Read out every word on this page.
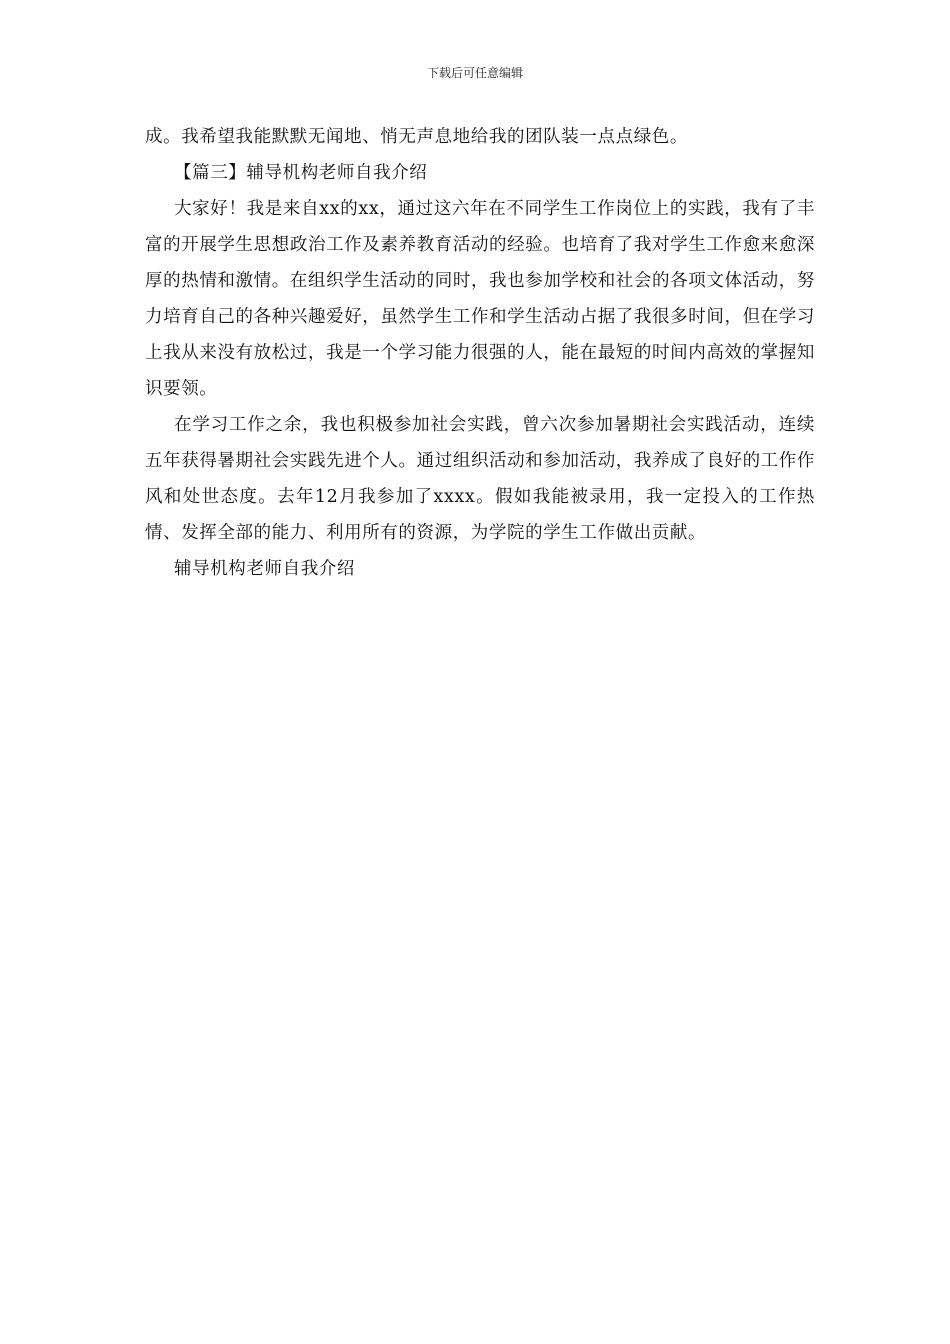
下载后可任意编辑

成。我希望我能默默无闻地、悄无声息地给我的团队装一点点绿色。

【篇三】辅导机构老师自我介绍

大家好！我是来自xx的xx，通过这六年在不同学生工作岗位上的实践，我有了丰富的开展学生思想政治工作及素养教育活动的经验。也培育了我对学生工作愈来愈深厚的热情和激情。在组织学生活动的同时，我也参加学校和社会的各项文体活动，努力培育自己的各种兴趣爱好，虽然学生工作和学生活动占据了我很多时间，但在学习上我从来没有放松过，我是一个学习能力很强的人，能在最短的时间内高效的掌握知识要领。

在学习工作之余，我也积极参加社会实践，曾六次参加暑期社会实践活动，连续五年获得暑期社会实践先进个人。通过组织活动和参加活动，我养成了良好的工作作风和处世态度。去年12月我参加了xxxx。假如我能被录用，我一定投入的工作热情、发挥全部的能力、利用所有的资源，为学院的学生工作做出贡献。

辅导机构老师自我介绍
